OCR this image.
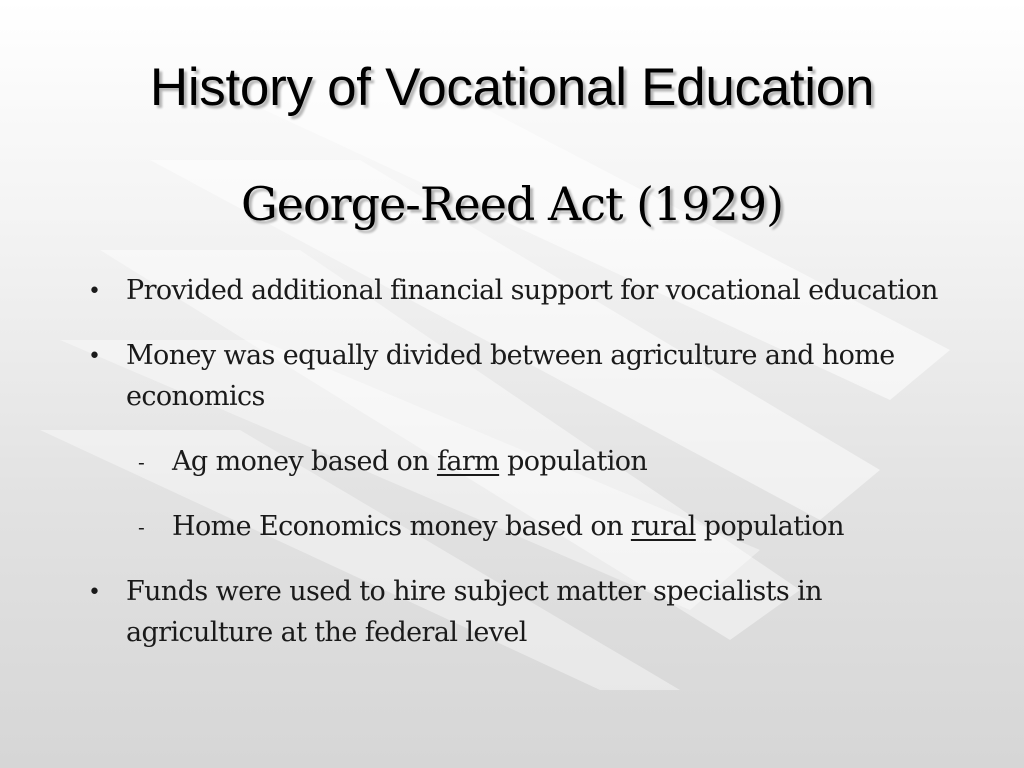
History of Vocational Education
George-Reed Act (1929)
• Provided additional financial support for vocational education
• Money was equally divided between agriculture and home economics
- Ag money based on farm population
- Home Economics money based on rural population
• Funds were used to hire subject matter specialists in agriculture at the federal level
